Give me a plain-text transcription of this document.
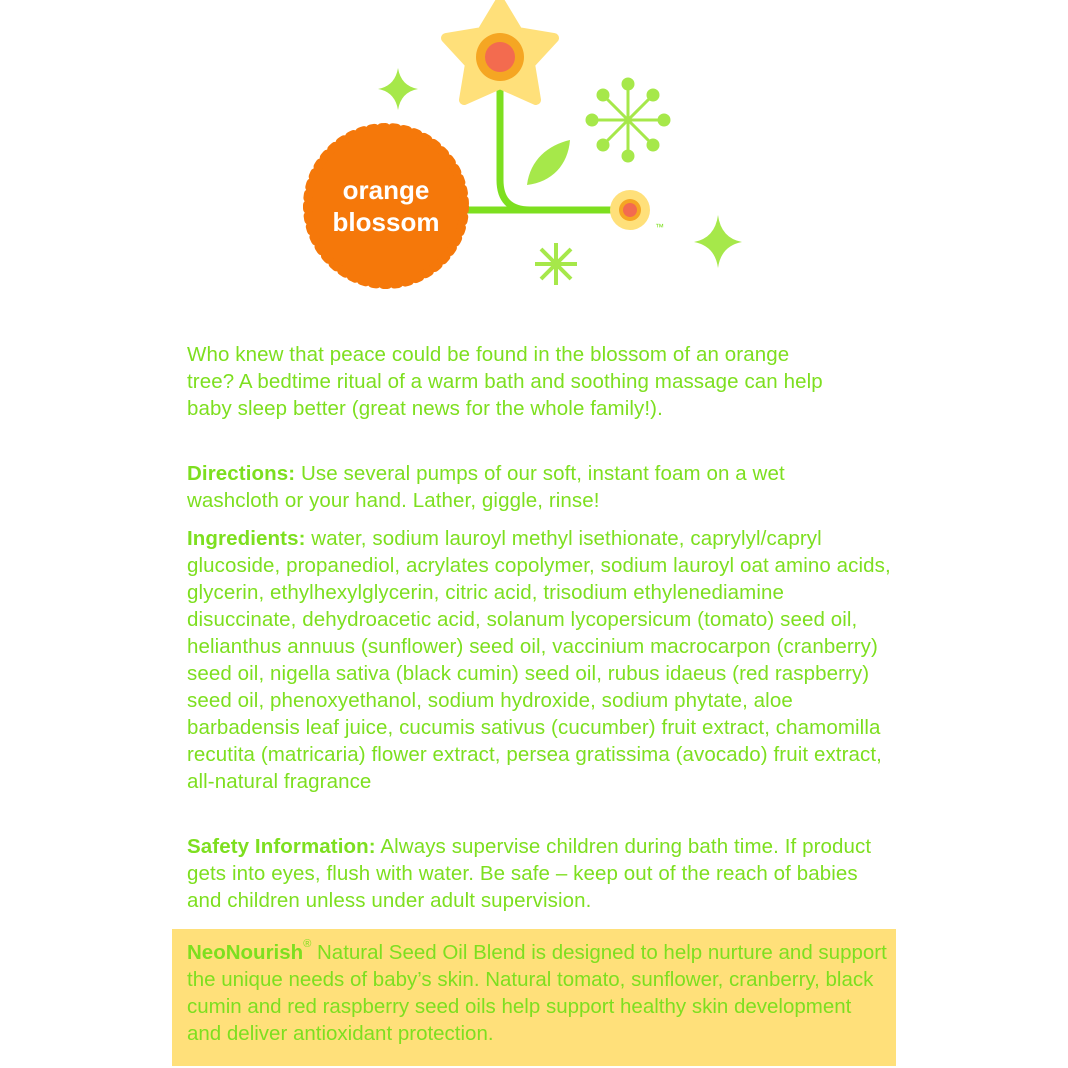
™
orange
blossom
Who knew that peace could be found in the blossom of an orange tree? A bedtime ritual of a warm bath and soothing massage can help baby sleep better (great news for the whole family!).
Directions: Use several pumps of our soft, instant foam on a wet washcloth or your hand. Lather, giggle, rinse!
Ingredients: water, sodium lauroyl methyl isethionate, caprylyl/capryl glucoside, propanediol, acrylates copolymer, sodium lauroyl oat amino acids, glycerin, ethylhexylglycerin, citric acid, trisodium ethylenediamine disuccinate, dehydroacetic acid, solanum lycopersicum (tomato) seed oil, helianthus annuus (sunflower) seed oil, vaccinium macrocarpon (cranberry) seed oil, nigella sativa (black cumin) seed oil, rubus idaeus (red raspberry) seed oil, phenoxyethanol, sodium hydroxide, sodium phytate, aloe barbadensis leaf juice, cucumis sativus (cucumber) fruit extract, chamomilla recutita (matricaria) flower extract, persea gratissima (avocado) fruit extract, all-natural fragrance
Safety Information: Always supervise children during bath time. If product gets into eyes, flush with water. Be safe – keep out of the reach of babies and children unless under adult supervision.
NeoNourish® Natural Seed Oil Blend is designed to help nurture and support the unique needs of baby’s skin. Natural tomato, sunflower, cranberry, black cumin and red raspberry seed oils help support healthy skin development and deliver antioxidant protection.
